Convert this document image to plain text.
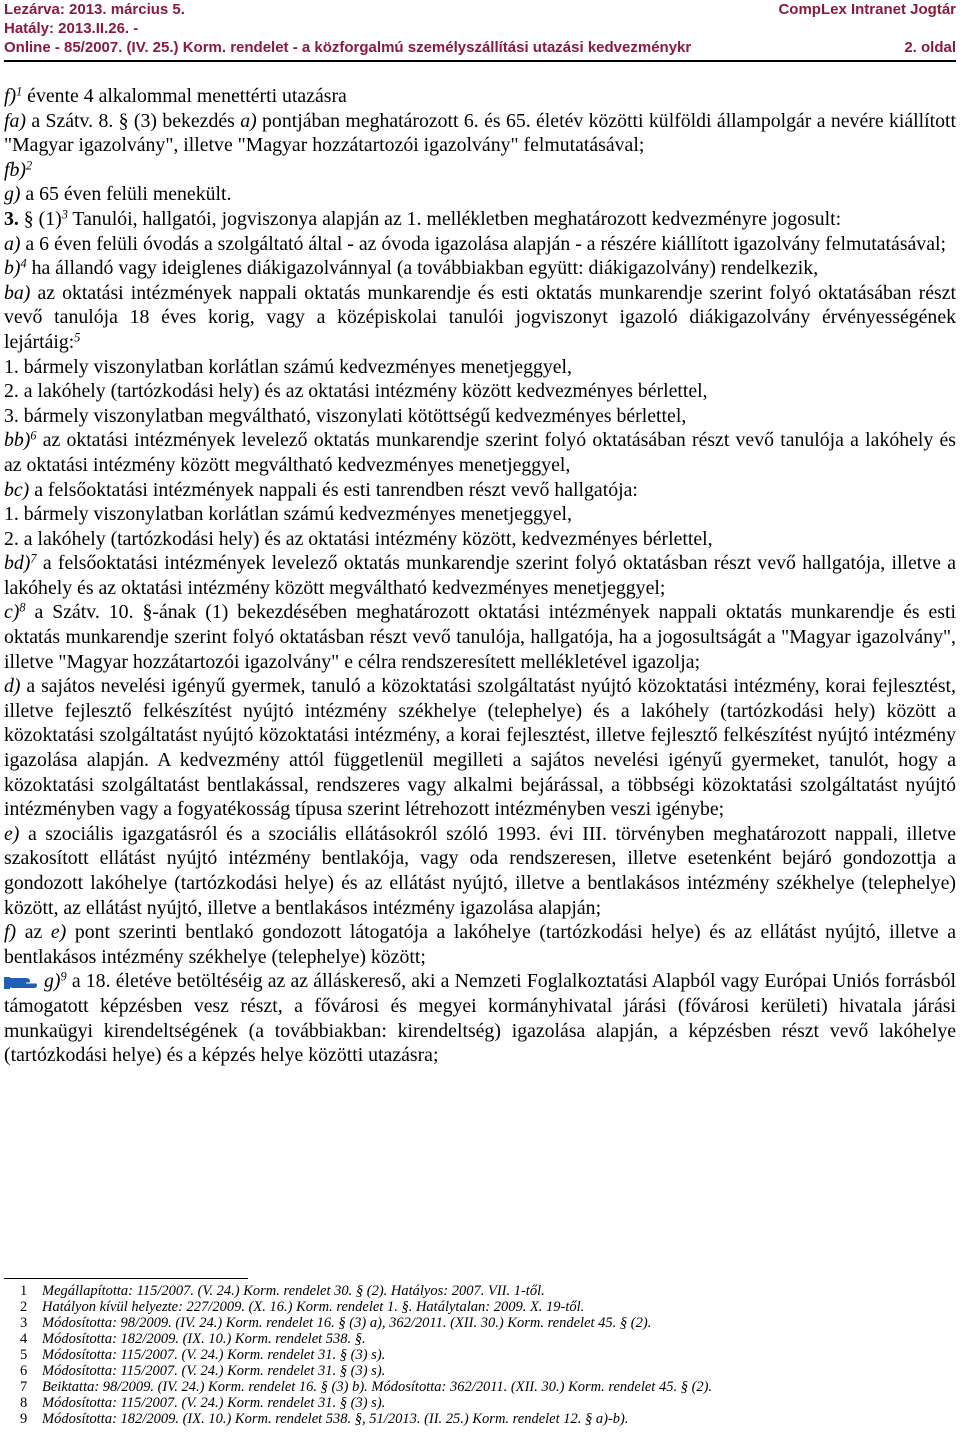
Lezárva: 2013. március 5.	CompLex Intranet Jogtár
Hatály: 2013.II.26. -
Online - 85/2007. (IV. 25.) Korm. rendelet - a közforgalmú személyszállítási utazási kedvezménykr	2. oldal

f)$^1$ évente 4 alkalommal menettérti utazásra

fa) a Szátv. 8. § (3) bekezdés a) pontjában meghatározott 6. és 65. életév közötti külföldi állampolgár a nevére kiállított "Magyar igazolvány", illetve "Magyar hozzátartozói igazolvány" felmutatásával;

fb)$^2$

g) a 65 éven felüli menekült.

3. § $(1)^3$ Tanulói, hallgatói, jogviszonya alapján az 1. mellékletben meghatározott kedvezményre jogosult:

a) a 6 éven felüli óvodás a szolgáltató által - az óvoda igazolása alapján - a részére kiállított igazolvány felmutatásával;

b)$^4$ ha állandó vagy ideiglenes diákigazolvánnyal (a továbbiakban együtt: diákigazolvány) rendelkezik,

ba) az oktatási intézmények nappali oktatás munkarendje és esti oktatás munkarendje szerint folyó oktatásában részt vevő tanulója 18 éves korig, vagy a középiskolai tanulói jogviszonyt igazoló diákigazolvány érvényességének lejártáig:$^5$

1. bármely viszonylatban korlátlan számú kedvezményes menetjeggyel,

2. a lakóhely (tartózkodási hely) és az oktatási intézmény között kedvezményes bérlettel,

3. bármely viszonylatban megváltható, viszonylati kötöttségű kedvezményes bérlettel,

bb)$^6$ az oktatási intézmények levelező oktatás munkarendje szerint folyó oktatásában részt vevő tanulója a lakóhely és az oktatási intézmény között megváltható kedvezményes menetjeggyel,

bc) a felsőoktatási intézmények nappali és esti tanrendben részt vevő hallgatója:

1. bármely viszonylatban korlátlan számú kedvezményes menetjeggyel,

2. a lakóhely (tartózkodási hely) és az oktatási intézmény között, kedvezményes bérlettel,

bd)$^7$ a felsőoktatási intézmények levelező oktatás munkarendje szerint folyó oktatásban részt vevő hallgatója, illetve a lakóhely és az oktatási intézmény között megváltható kedvezményes menetjeggyel;

c)$^8$ a Szátv. 10. §-ának (1) bekezdésében meghatározott oktatási intézmények nappali oktatás munkarendje és esti oktatás munkarendje szerint folyó oktatásban részt vevő tanulója, hallgatója, ha a jogosultságát a "Magyar igazolvány", illetve "Magyar hozzátartozói igazolvány" e célra rendszeresített mellékletével igazolja;

d) a sajátos nevelési igényű gyermek, tanuló a közoktatási szolgáltatást nyújtó közoktatási intézmény, korai fejlesztést, illetve fejlesztő felkészítést nyújtó intézmény székhelye (telephelye) és a lakóhely (tartózkodási hely) között a közoktatási szolgáltatást nyújtó közoktatási intézmény, a korai fejlesztést, illetve fejlesztő felkészítést nyújtó intézmény igazolása alapján. A kedvezmény attól függetlenül megilleti a sajátos nevelési igényű gyermeket, tanulót, hogy a közoktatási szolgáltatást bentlakással, rendszeres vagy alkalmi bejárással, a többségi közoktatási szolgáltatást nyújtó intézményben vagy a fogyatékosság típusa szerint létrehozott intézményben veszi igénybe;

e) a szociális igazgatásról és a szociális ellátásokról szóló 1993. évi III. törvényben meghatározott nappali, illetve szakosított ellátást nyújtó intézmény bentlakója, vagy oda rendszeresen, illetve esetenként bejáró gondozottja a gondozott lakóhelye (tartózkodási helye) és az ellátást nyújtó, illetve a bentlakásos intézmény székhelye (telephelye) között, az ellátást nyújtó, illetve a bentlakásos intézmény igazolása alapján;

f) az e) pont szerinti bentlakó gondozott látogatója a lakóhelye (tartózkodási helye) és az ellátást nyújtó, illetve a bentlakásos intézmény székhelye (telephelye) között;

g)$^9$ a 18. életéve betöltéséig az az álláskereső, aki a Nemzeti Foglalkoztatási Alapból vagy Európai Uniós forrásból támogatott képzésben vesz részt, a fővárosi és megyei kormányhivatal járási (fővárosi kerületi) hivatala járási munkaügyi kirendeltségének (a továbbiakban: kirendeltség) igazolása alapján, a képzésben részt vevő lakóhelye (tartózkodási helye) és a képzés helye közötti utazásra;

1	Megállapította: 115/2007. (V. 24.) Korm. rendelet 30. § (2). Hatályos: 2007. VII. 1-től.
2	Hatályon kívül helyezte: 227/2009. (X. 16.) Korm. rendelet 1. §. Hatálytalan: 2009. X. 19-től.
3	Módosította: 98/2009. (IV. 24.) Korm. rendelet 16. § (3) a), 362/2011. (XII. 30.) Korm. rendelet 45. § (2).
4	Módosította: 182/2009. (IX. 10.) Korm. rendelet 538. §.
5	Módosította: 115/2007. (V. 24.) Korm. rendelet 31. § (3) s).
6	Módosította: 115/2007. (V. 24.) Korm. rendelet 31. § (3) s).
7	Beiktatta: 98/2009. (IV. 24.) Korm. rendelet 16. § (3) b). Módosította: 362/2011. (XII. 30.) Korm. rendelet 45. § (2).
8	Módosította: 115/2007. (V. 24.) Korm. rendelet 31. § (3) s).
9	Módosította: 182/2009. (IX. 10.) Korm. rendelet 538. §, 51/2013. (II. 25.) Korm. rendelet 12. § a)-b).
